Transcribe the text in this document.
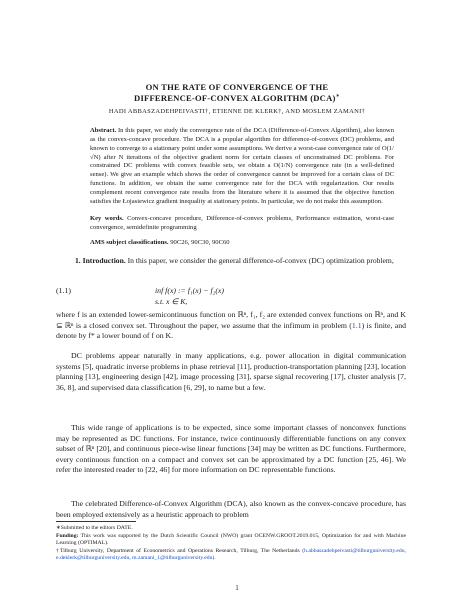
ON THE RATE OF CONVERGENCE OF THE
DIFFERENCE-OF-CONVEX ALGORITHM (DCA)∗
HADI ABBASZADEHPEIVASTI†, ETIENNE DE KLERK†, AND MOSLEM ZAMANI†
Abstract. In this paper, we study the convergence rate of the DCA (Difference-of-Convex Algorithm), also known as the convex-concave procedure. The DCA is a popular algorithm for difference-of-convex (DC) problems, and known to converge to a stationary point under some assumptions. We derive a worst-case convergence rate of O(1/√N) after N iterations of the objective gradient norm for certain classes of unconstrained DC problems. For constrained DC problems with convex feasible sets, we obtain a O(1/N) convergence rate (in a well-defined sense). We give an example which shows the order of convergence cannot be improved for a certain class of DC functions. In addition, we obtain the same convergence rate for the DCA with regularization. Our results complement recent convergence rate results from the literature where it is assumed that the objective function satisfies the Łojasiewicz gradient inequality at stationary points. In particular, we do not make this assumption.
Key words. Convex-concave procedure, Difference-of-convex problems, Performance estimation, worst-case convergence, semidefinite programming
AMS subject classifications. 90C26, 90C30, 90C60
1. Introduction. In this paper, we consider the general difference-of-convex (DC) optimization problem,
(1.1)	inf f(x) := f₁(x) − f₂(x)
s.t. x ∈ K,
where f is an extended lower-semicontinuous function on ℝⁿ, f₁, f₂ are extended convex functions on ℝⁿ, and K ⊆ ℝⁿ is a closed convex set. Throughout the paper, we assume that the infimum in problem (1.1) is finite, and denote by f* a lower bound of f on K.
DC problems appear naturally in many applications, e.g. power allocation in digital communication systems [5], quadratic inverse problems in phase retrieval [11], production-transportation planning [23], location planning [13], engineering design [42], image processing [31], sparse signal recovering [17], cluster analysis [7, 36, 8], and supervised data classification [6, 29], to name but a few.
This wide range of applications is to be expected, since some important classes of nonconvex functions may be represented as DC functions. For instance, twice continuously differentiable functions on any convex subset of ℝⁿ [20], and continuous piece-wise linear functions [34] may be written as DC functions. Furthermore, every continuous function on a compact and convex set can be approximated by a DC function [25, 46]. We refer the interested reader to [22, 46] for more information on DC representable functions.
The celebrated Difference-of-Convex Algorithm (DCA), also known as the convex-concave procedure, has been employed extensively as a heuristic approach to problem
∗Submitted to the editors DATE.
Funding: This work was supported by the Dutch Scientific Council (NWO) grant OCENW.GROOT.2019.015, Optimization for and with Machine Learning (OPTIMAL).
†Tilburg University, Department of Econometrics and Operations Research, Tilburg, The Netherlands (h.abbaszadehpeivasti@tilburguniversity.edu, e.deklerk@tilburguniversity.edu, m.zamani_1@tilburguniversity.edu).
1
